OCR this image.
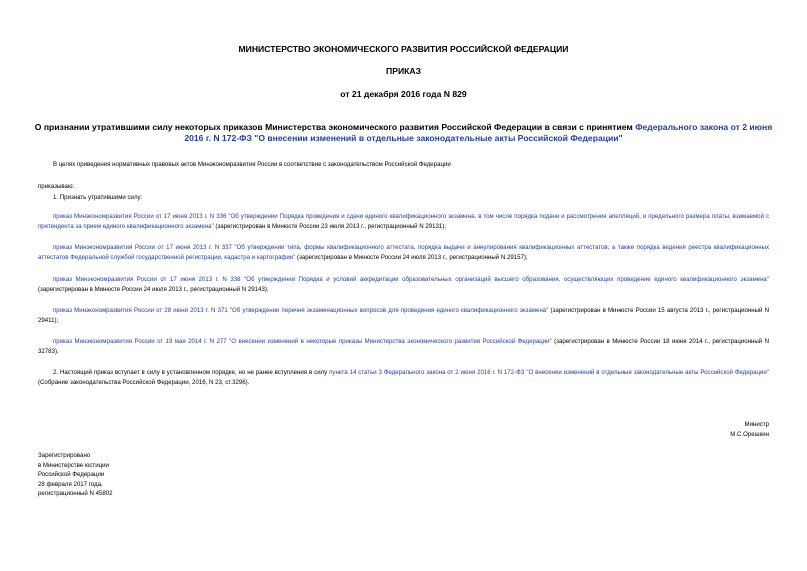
МИНИСТЕРСТВО ЭКОНОМИЧЕСКОГО РАЗВИТИЯ РОССИЙСКОЙ ФЕДЕРАЦИИ
ПРИКАЗ
от 21 декабря 2016 года N 829
О признании утратившими силу некоторых приказов Министерства экономического развития Российской Федерации в связи с принятием Федерального закона от 2 июня 2016 г. N 172-ФЗ "О внесении изменений в отдельные законодательные акты Российской Федерации"

В целях приведения нормативных правовых актов Минэкономразвития России в соответствие с законодательством Российской Федерации

приказываю:

1. Признать утратившими силу:

приказ Минэкономразвития России от 17 июня 2013 г. N 336 "Об утверждении Порядка проведения и сдачи единого квалификационного экзамена, в том числе порядка подачи и рассмотрения апелляций, и предельного размера платы, взимаемой с претендента за прием единого квалификационного экзамена" (зарегистрирован в Минюсте России 23 июля 2013 г., регистрационный N 29131);

приказ Минэкономразвития России от 17 июня 2013 г. N 337 "Об утверждении типа, формы квалификационного аттестата, порядка выдачи и аннулирования квалификационных аттестатов, а также порядка ведения реестра квалификационных аттестатов Федеральной службой государственной регистрации, кадастра и картографии" (зарегистрирован в Минюсте России 24 июля 2013 г., регистрационный N 29157);

приказ Минэкономразвития России от 17 июня 2013 г. N 338 "Об утверждении Порядка и условий аккредитации образовательных организаций высшего образования, осуществляющих проведение единого квалификационного экзамена" (зарегистрирован в Минюсте России 24 июля 2013 г., регистрационный N 29143);

приказ Минэкономразвития России от 28 июня 2013 г. N 371 "Об утверждении перечня экзаменационных вопросов для проведения единого квалификационного экзамена" (зарегистрирован в Минюсте России 15 августа 2013 г., регистрационный N 29411);

приказ Минэкономразвития России от 19 мая 2014 г. N 277 "О внесении изменений в некоторые приказы Министерства экономического развития Российской Федерации" (зарегистрирован в Минюсте России 18 июня 2014 г., регистрационный N 32783).

2. Настоящий приказ вступает в силу в установленном порядке, но не ранее вступления в силу пункта 14 статьи 3 Федерального закона от 2 июня 2016 г. N 172-ФЗ "О внесении изменений в отдельные законодательные акты Российской Федерации" (Собрание законодательства Российской Федерации, 2016, N 23, ст.3296).

Министр
М.С.Орешкин
Зарегистрировано
в Министерстве юстиции
Российской Федерации
28 февраля 2017 года,
регистрационный N 45802
